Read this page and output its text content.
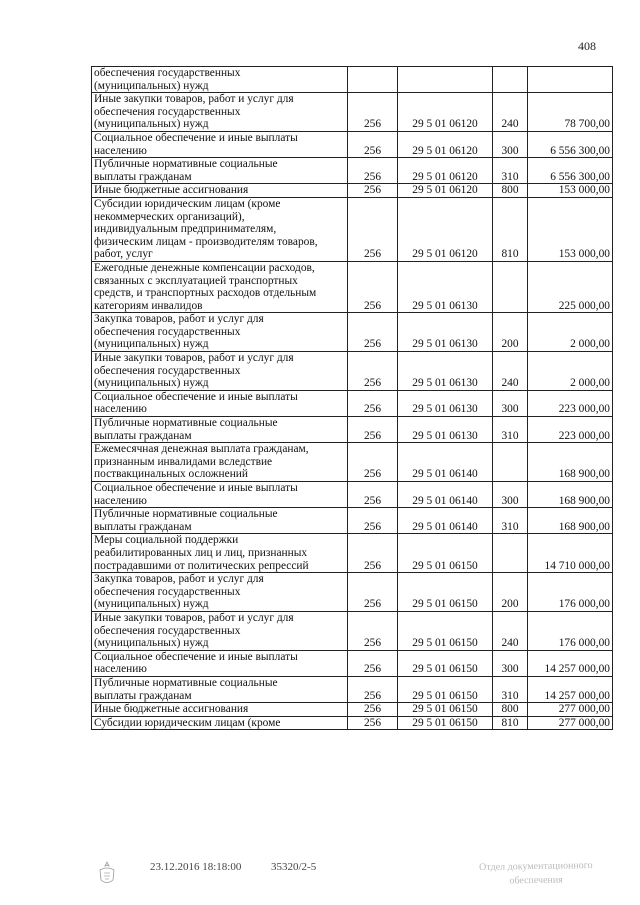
408
обеспечения государственных
(муниципальных) нужд				

Иные закупки товаров, работ и услуг для
обеспечения государственных
(муниципальных) нужд	256	29 5 01 06120	240	78 700,00

Социальное обеспечение и иные выплаты
населению	256	29 5 01 06120	300	6 556 300,00

Публичные нормативные социальные
выплаты гражданам	256	29 5 01 06120	310	6 556 300,00

Иные бюджетные ассигнования	256	29 5 01 06120	800	153 000,00

Субсидии юридическим лицам (кроме
некоммерческих организаций),
индивидуальным предпринимателям,
физическим лицам - производителям товаров,
работ, услуг	256	29 5 01 06120	810	153 000,00

Ежегодные денежные компенсации расходов,
связанных с эксплуатацией транспортных
средств, и транспортных расходов отдельным
категориям инвалидов	256	29 5 01 06130		225 000,00

Закупка товаров, работ и услуг для
обеспечения государственных
(муниципальных) нужд	256	29 5 01 06130	200	2 000,00

Иные закупки товаров, работ и услуг для
обеспечения государственных
(муниципальных) нужд	256	29 5 01 06130	240	2 000,00

Социальное обеспечение и иные выплаты
населению	256	29 5 01 06130	300	223 000,00

Публичные нормативные социальные
выплаты гражданам	256	29 5 01 06130	310	223 000,00

Ежемесячная денежная выплата гражданам,
признанным инвалидами вследствие
поствакцинальных осложнений	256	29 5 01 06140		168 900,00

Социальное обеспечение и иные выплаты
населению	256	29 5 01 06140	300	168 900,00

Публичные нормативные социальные
выплаты гражданам	256	29 5 01 06140	310	168 900,00

Меры социальной поддержки
реабилитированных лиц и лиц, признанных
пострадавшими от политических репрессий	256	29 5 01 06150		14 710 000,00

Закупка товаров, работ и услуг для
обеспечения государственных
(муниципальных) нужд	256	29 5 01 06150	200	176 000,00

Иные закупки товаров, работ и услуг для
обеспечения государственных
(муниципальных) нужд	256	29 5 01 06150	240	176 000,00

Социальное обеспечение и иные выплаты
населению	256	29 5 01 06150	300	14 257 000,00

Публичные нормативные социальные
выплаты гражданам	256	29 5 01 06150	310	14 257 000,00

Иные бюджетные ассигнования	256	29 5 01 06150	800	277 000,00

Субсидии юридическим лицам (кроме	256	29 5 01 06150	810	277 000,00
23.12.2016 18:18:00	35320/2-5	Отдел документационного обеспечения
